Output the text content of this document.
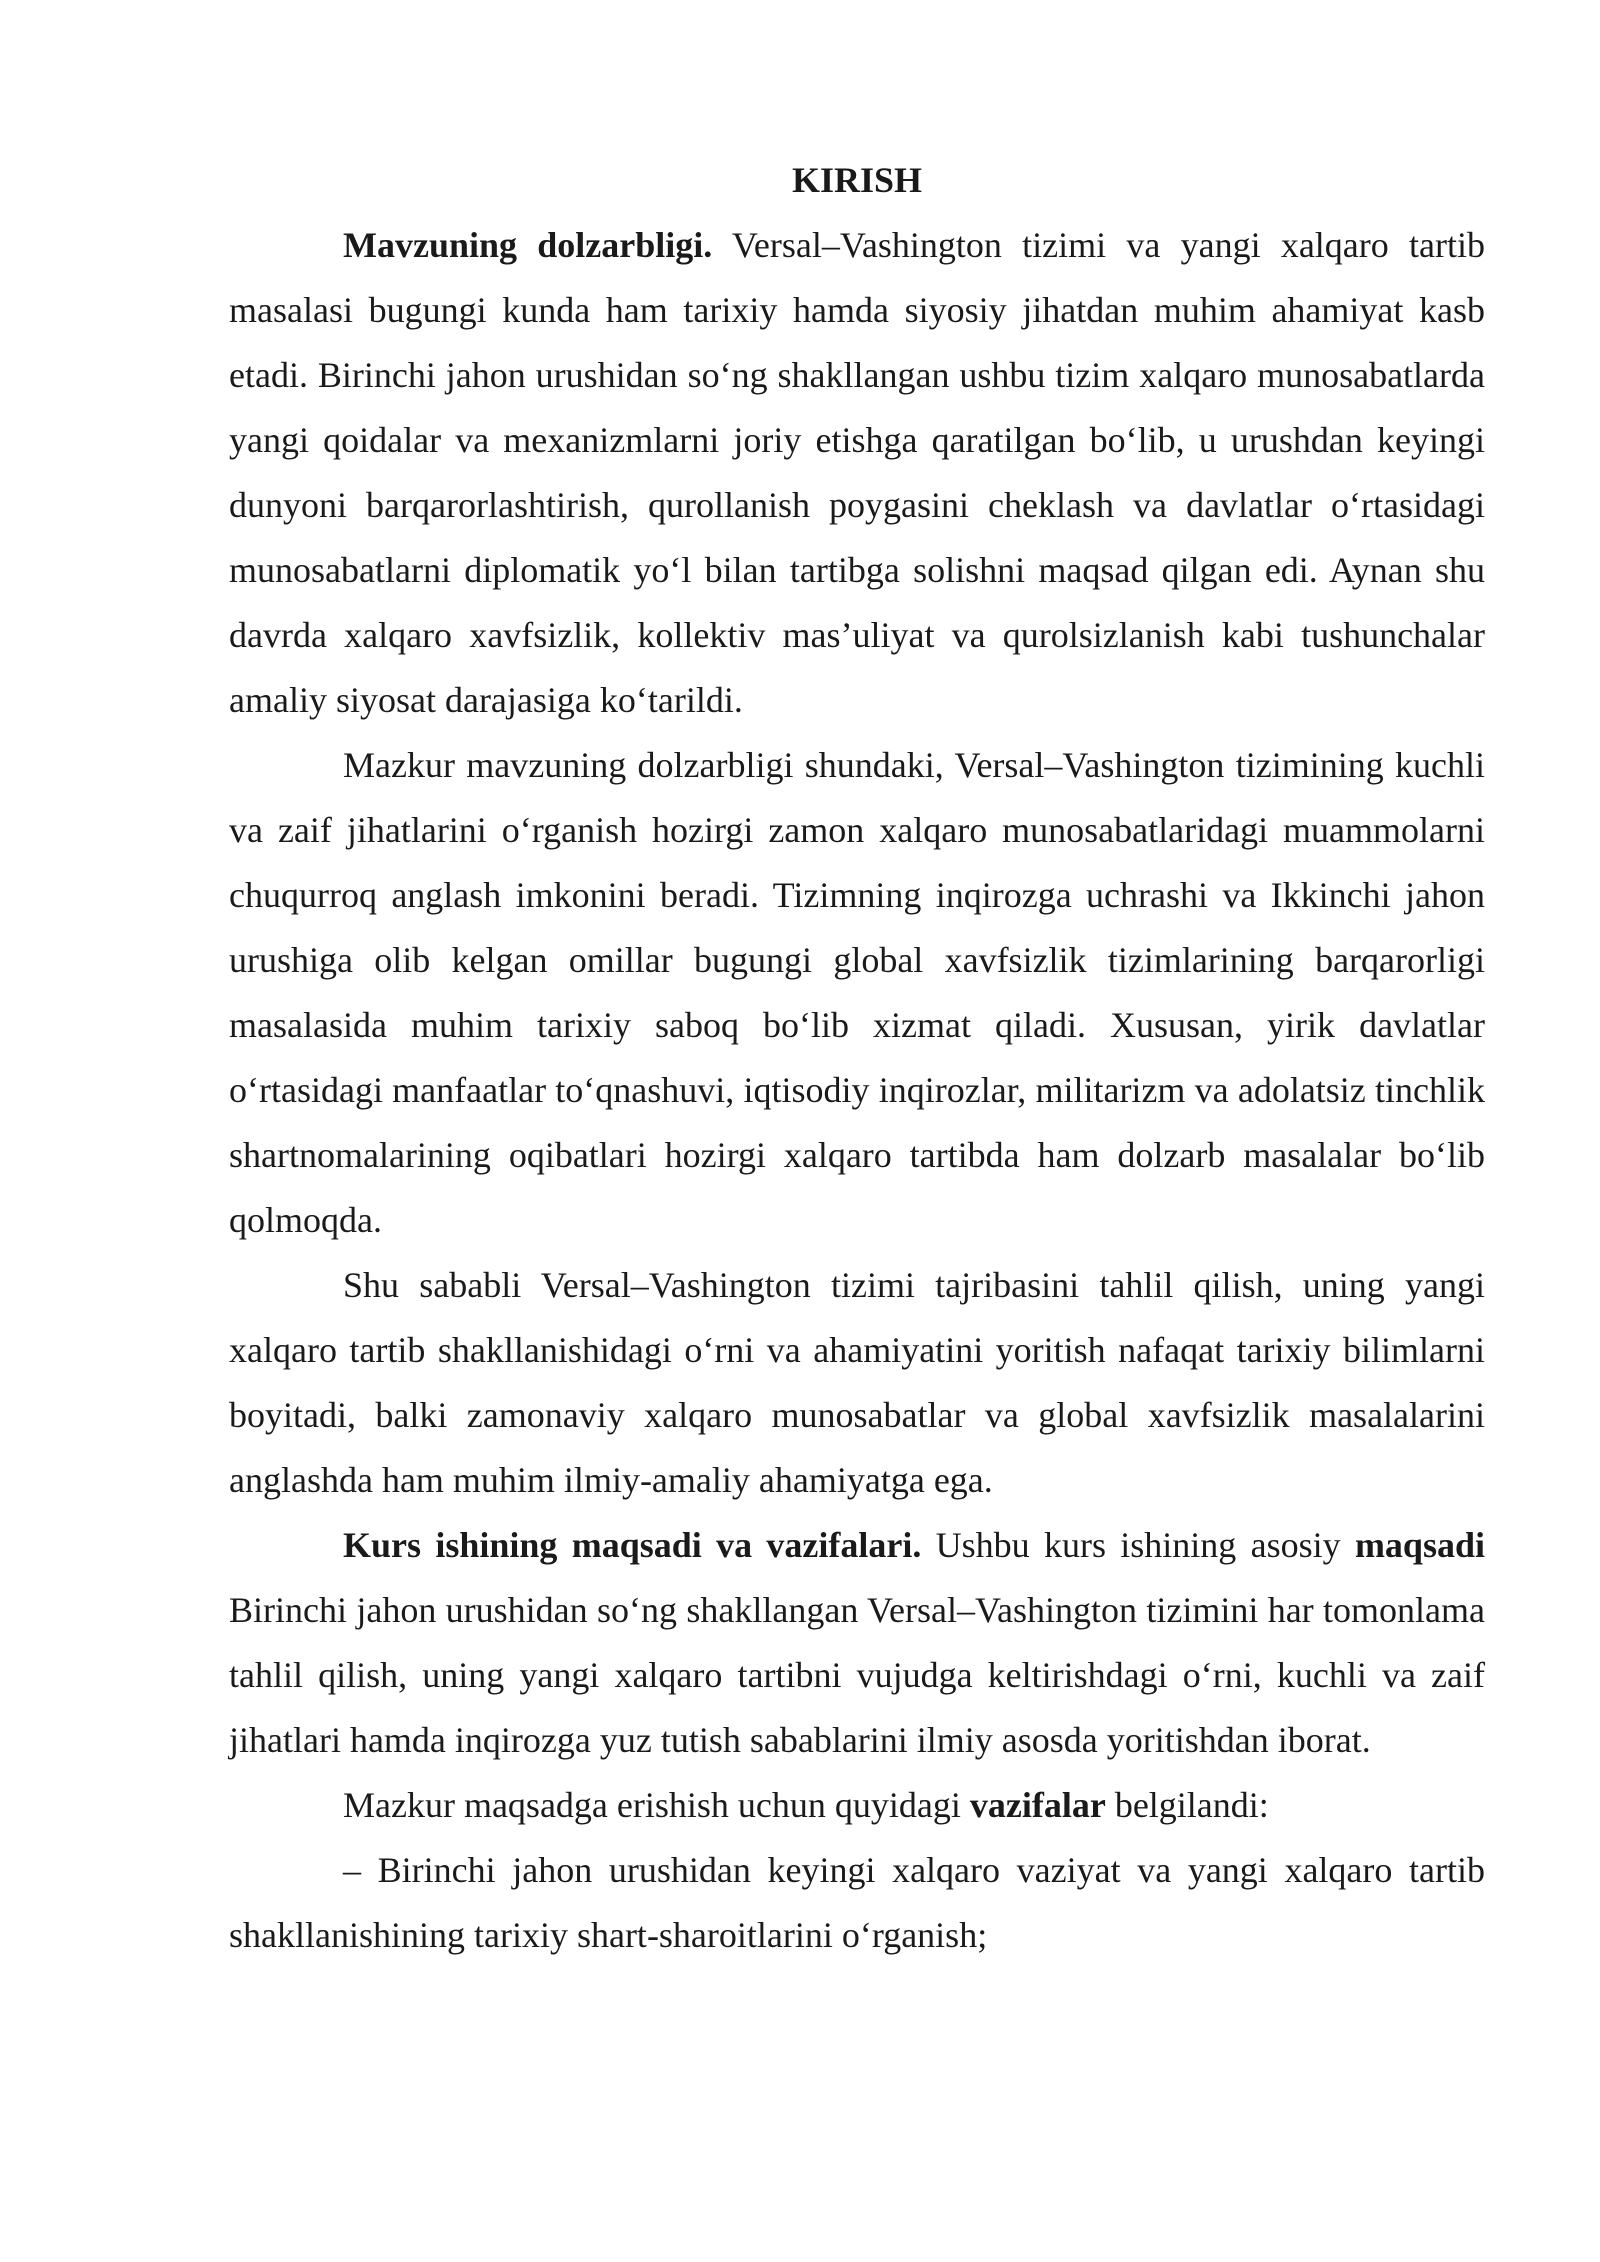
KIRISH

Mavzuning dolzarbligi. Versal–Vashington tizimi va yangi xalqaro tartib masalasi bugungi kunda ham tarixiy hamda siyosiy jihatdan muhim ahamiyat kasb etadi. Birinchi jahon urushidan so‘ng shakllangan ushbu tizim xalqaro munosabatlarda yangi qoidalar va mexanizmlarni joriy etishga qaratilgan bo‘lib, u urushdan keyingi dunyoni barqarorlashtirish, qurollanish poygasini cheklash va davlatlar o‘rtasidagi munosabatlarni diplomatik yo‘l bilan tartibga solishni maqsad qilgan edi. Aynan shu davrda xalqaro xavfsizlik, kollektiv mas’uliyat va qurolsizlanish kabi tushunchalar amaliy siyosat darajasiga ko‘tarildi.

Mazkur mavzuning dolzarbligi shundaki, Versal–Vashington tizimining kuchli va zaif jihatlarini o‘rganish hozirgi zamon xalqaro munosabatlaridagi muammolarni chuqurroq anglash imkonini beradi. Tizimning inqirozga uchrashi va Ikkinchi jahon urushiga olib kelgan omillar bugungi global xavfsizlik tizimlarining barqarorligi masalasida muhim tarixiy saboq bo‘lib xizmat qiladi. Xususan, yirik davlatlar o‘rtasidagi manfaatlar to‘qnashuvi, iqtisodiy inqirozlar, militarizm va adolatsiz tinchlik shartnomalarining oqibatlari hozirgi xalqaro tartibda ham dolzarb masalalar bo‘lib qolmoqda.

Shu sababli Versal–Vashington tizimi tajribasini tahlil qilish, uning yangi xalqaro tartib shakllanishidagi o‘rni va ahamiyatini yoritish nafaqat tarixiy bilimlarni boyitadi, balki zamonaviy xalqaro munosabatlar va global xavfsizlik masalalarini anglashda ham muhim ilmiy-amaliy ahamiyatga ega.

Kurs ishining maqsadi va vazifalari. Ushbu kurs ishining asosiy maqsadi Birinchi jahon urushidan so‘ng shakllangan Versal–Vashington tizimini har tomonlama tahlil qilish, uning yangi xalqaro tartibni vujudga keltirishdagi o‘rni, kuchli va zaif jihatlari hamda inqirozga yuz tutish sabablarini ilmiy asosda yoritishdan iborat.

Mazkur maqsadga erishish uchun quyidagi vazifalar belgilandi:

– Birinchi jahon urushidan keyingi xalqaro vaziyat va yangi xalqaro tartib shakllanishining tarixiy shart-sharoitlarini o‘rganish;
